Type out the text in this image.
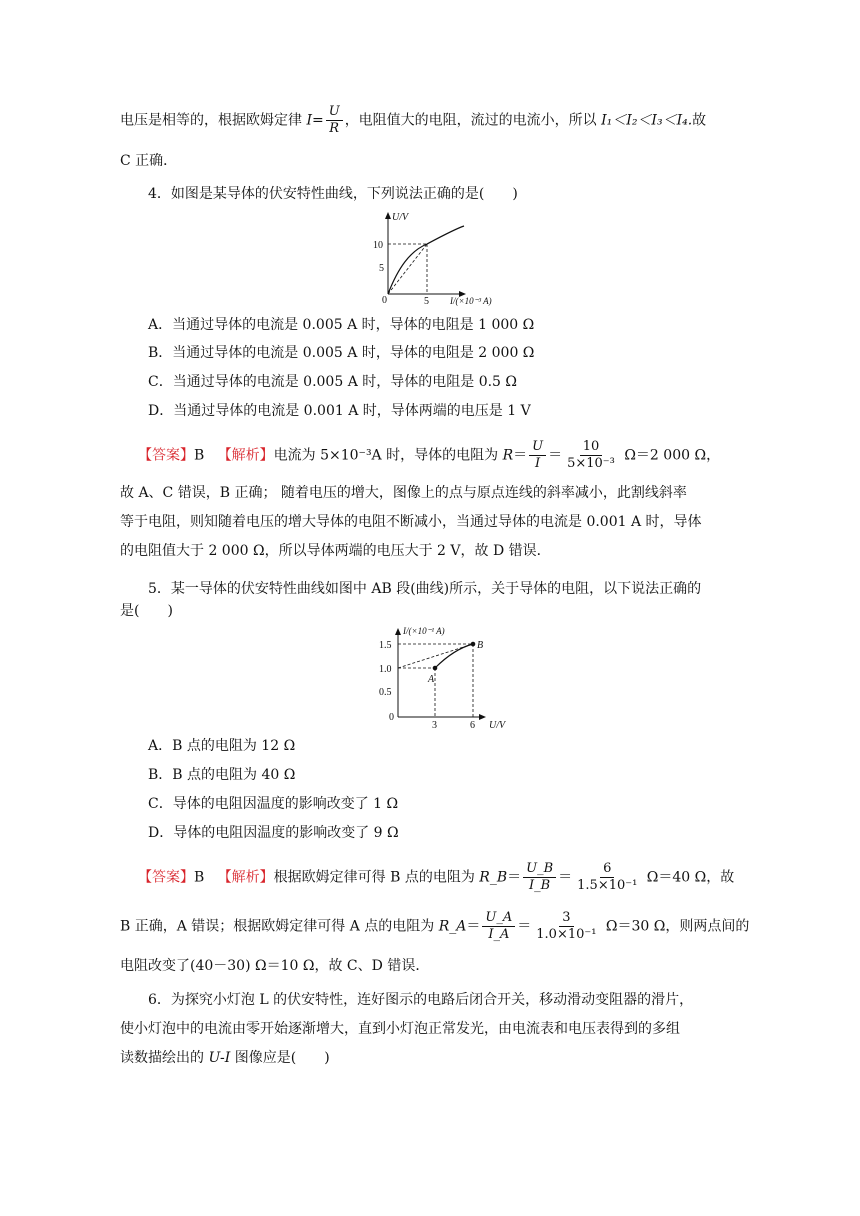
电压是相等的，根据欧姆定律 $I= \frac{U}{R}$ ，电阻值大的电阻，流过的电流小，所以 I₁＜I₂＜I₃＜I₄.故
C 正确．
4．如图是某导体的伏安特性曲线，下列说法正确的是(　　)
U/V
10
5
0	5 I/(×10⁻³ A)
A．当通过导体的电流是 0.005 A 时，导体的电阻是 1 000 Ω
B．当通过导体的电流是 0.005 A 时，导体的电阻是 2 000 Ω
C．当通过导体的电流是 0.005 A 时，导体的电阻是 0.5 Ω
D．当通过导体的电流是 0.001 A 时，导体两端的电压是 1 V
【答案】B 【解析】电流为 5×10⁻³A 时，导体的电阻为 $R= \frac{U}{I} = \frac{10}{\text{5×10⁻³}} \Omega=2$ 000 Ω，
故 A、C 错误，B 正确； 随着电压的增大，图像上的点与原点连线的斜率减小，此割线斜率
等于电阻，则知随着电压的增大导体的电阻不断减小，当通过导体的电流是 0.001 A 时，导体
的电阻值大于 2 000 Ω，所以导体两端的电压大于 2 V，故 D 错误．
5．某一导体的伏安特性曲线如图中 AB 段(曲线)所示，关于导体的电阻，以下说法正确的
是(　　)
A
B
I/(×10⁻¹ A)
1.5
1.0
0.5
0
3	6 U/V
A．B 点的电阻为 12 Ω
B．B 点的电阻为 40 Ω
C．导体的电阻因温度的影响改变了 1 Ω
D．导体的电阻因温度的影响改变了 9 Ω
【答案】B 【解析】根据欧姆定律可得 B 点的电阻为 R_B＝ $\frac{U\_B}{I\_B} = \frac{6}{\text{1.5×10⁻¹}} \Omega=40$ Ω，故
B 正确，A 错误；根据欧姆定律可得 A 点的电阻为 R_A＝ $\frac{U\_A}{I\_A} = \frac{3}{\text{1.0×10⁻¹}} \Omega=30$ Ω，则两点间的
电阻改变了(40－30) Ω＝10 Ω，故 C、D 错误．
6．为探究小灯泡 L 的伏安特性，连好图示的电路后闭合开关，移动滑动变阻器的滑片，
使小灯泡中的电流由零开始逐渐增大，直到小灯泡正常发光，由电流表和电压表得到的多组
读数描绘出的 U-I 图像应是(　　)
